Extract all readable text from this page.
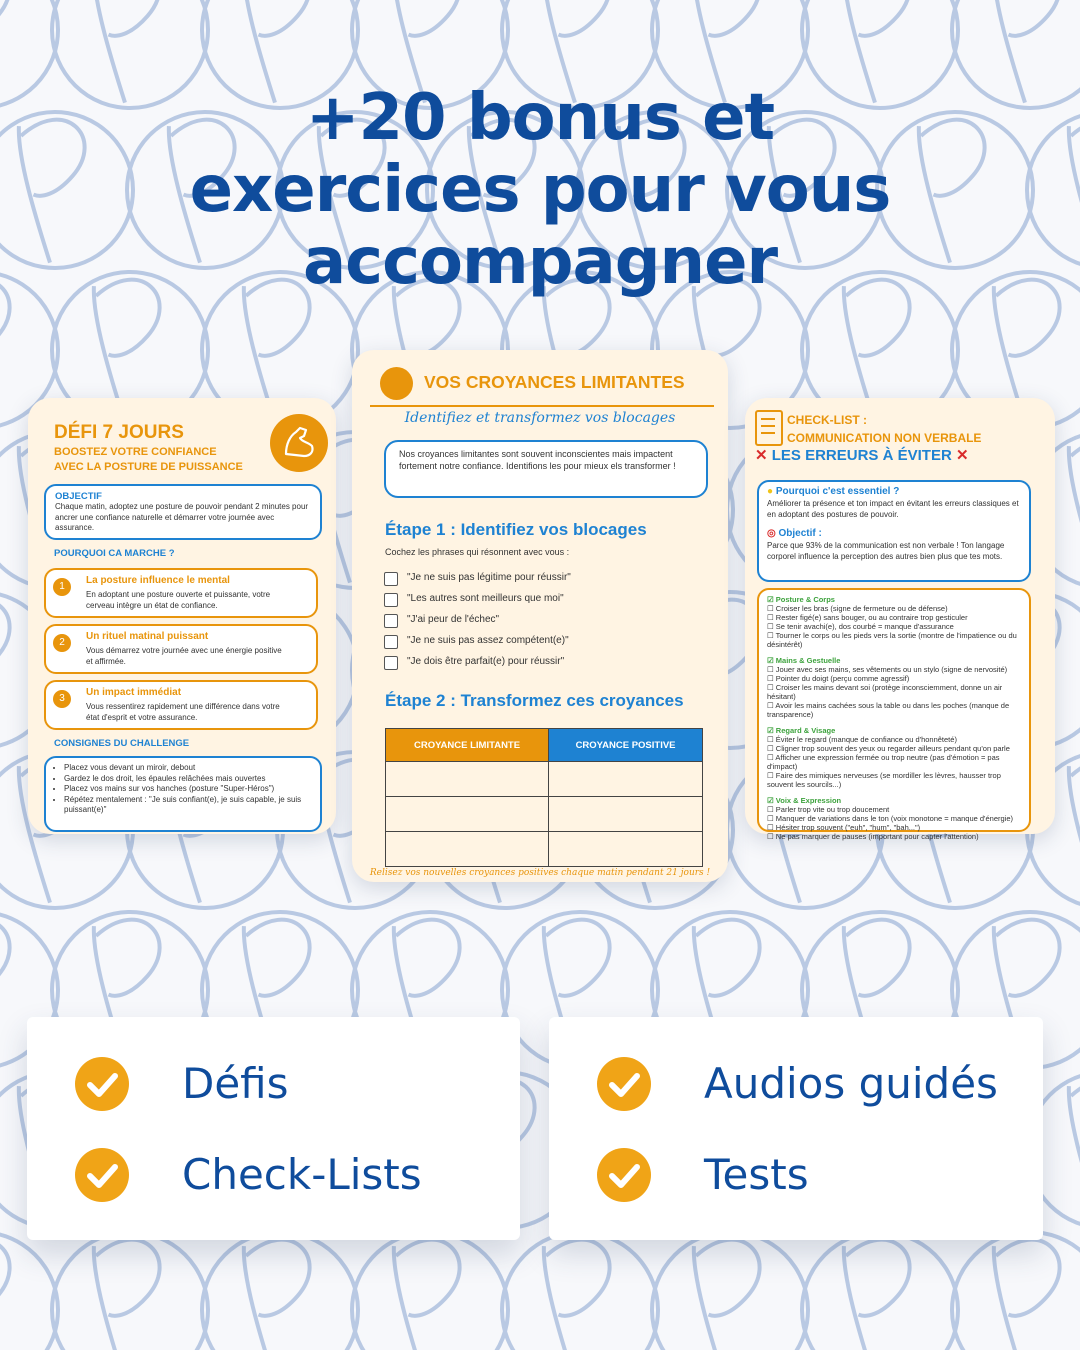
+20 bonus et
exercices pour vous
accompagner
DÉFI 7 JOURS
BOOSTEZ VOTRE CONFIANCE
AVEC LA POSTURE DE PUISSANCE
OBJECTIF
Chaque matin, adoptez une posture de pouvoir pendant 2 minutes pour ancrer une confiance naturelle et démarrer votre journée avec assurance.
POURQUOI CA MARCHE ?
1
La posture influence le mental
En adoptant une posture ouverte et puissante, votre cerveau intègre un état de confiance.
2
Un rituel matinal puissant
Vous démarrez votre journée avec une énergie positive et affirmée.
3
Un impact immédiat
Vous ressentirez rapidement une différence dans votre état d'esprit et votre assurance.
CONSIGNES DU CHALLENGE
• Placez vous devant un miroir, debout
• Gardez le dos droit, les épaules relâchées mais ouvertes
• Placez vos mains sur vos hanches (posture "Super-Héros")
• Répétez mentalement : "Je suis confiant(e), je suis capable, je suis puissant(e)"
VOS CROYANCES LIMITANTES
Identifiez et transformez vos blocages
Nos croyances limitantes sont souvent inconscientes mais impactent fortement notre confiance. Identifions les pour mieux els transformer !
Étape 1 : Identifiez vos blocages
Cochez les phrases qui résonnent avec vous :
"Je ne suis pas légitime pour réussir"
"Les autres sont meilleurs que moi"
"J'ai peur de l'échec"
"Je ne suis pas assez compétent(e)"
"Je dois être parfait(e) pour réussir"
Étape 2 : Transformez ces croyances
CROYANCE LIMITANTE	CROYANCE POSITIVE

Relisez vos nouvelles croyances positives chaque matin pendant 21 jours !
CHECK-LIST :
COMMUNICATION NON VERBALE
✕ LES ERREURS À ÉVITER ✕
● Pourquoi c'est essentiel ?
Améliorer ta présence et ton impact en évitant les erreurs classiques et en adoptant des postures de pouvoir.
◎ Objectif :
Parce que 93% de la communication est non verbale ! Ton langage corporel influence la perception des autres bien plus que tes mots.
☑ Posture & Corps
☐ Croiser les bras (signe de fermeture ou de défense)
☐ Rester figé(e) sans bouger, ou au contraire trop gesticuler
☐ Se tenir avachi(e), dos courbé = manque d'assurance
☐ Tourner le corps ou les pieds vers la sortie (montre de l'impatience ou du désintérêt)
☑ Mains & Gestuelle
☐ Jouer avec ses mains, ses vêtements ou un stylo (signe de nervosité)
☐ Pointer du doigt (perçu comme agressif)
☐ Croiser les mains devant soi (protège inconsciemment, donne un air hésitant)
☐ Avoir les mains cachées sous la table ou dans les poches (manque de transparence)
☑ Regard & Visage
☐ Éviter le regard (manque de confiance ou d'honnêteté)
☐ Cligner trop souvent des yeux ou regarder ailleurs pendant qu'on parle
☐ Afficher une expression fermée ou trop neutre (pas d'émotion = pas d'impact)
☐ Faire des mimiques nerveuses (se mordiller les lèvres, hausser trop souvent les sourcils...)
☑ Voix & Expression
☐ Parler trop vite ou trop doucement
☐ Manquer de variations dans le ton (voix monotone = manque d'énergie)
☐ Hésiter trop souvent ("euh", "hum", "bah...")
☐ Ne pas marquer de pauses (important pour capter l'attention)
Défis
Check-Lists
Audios guidés
Tests
